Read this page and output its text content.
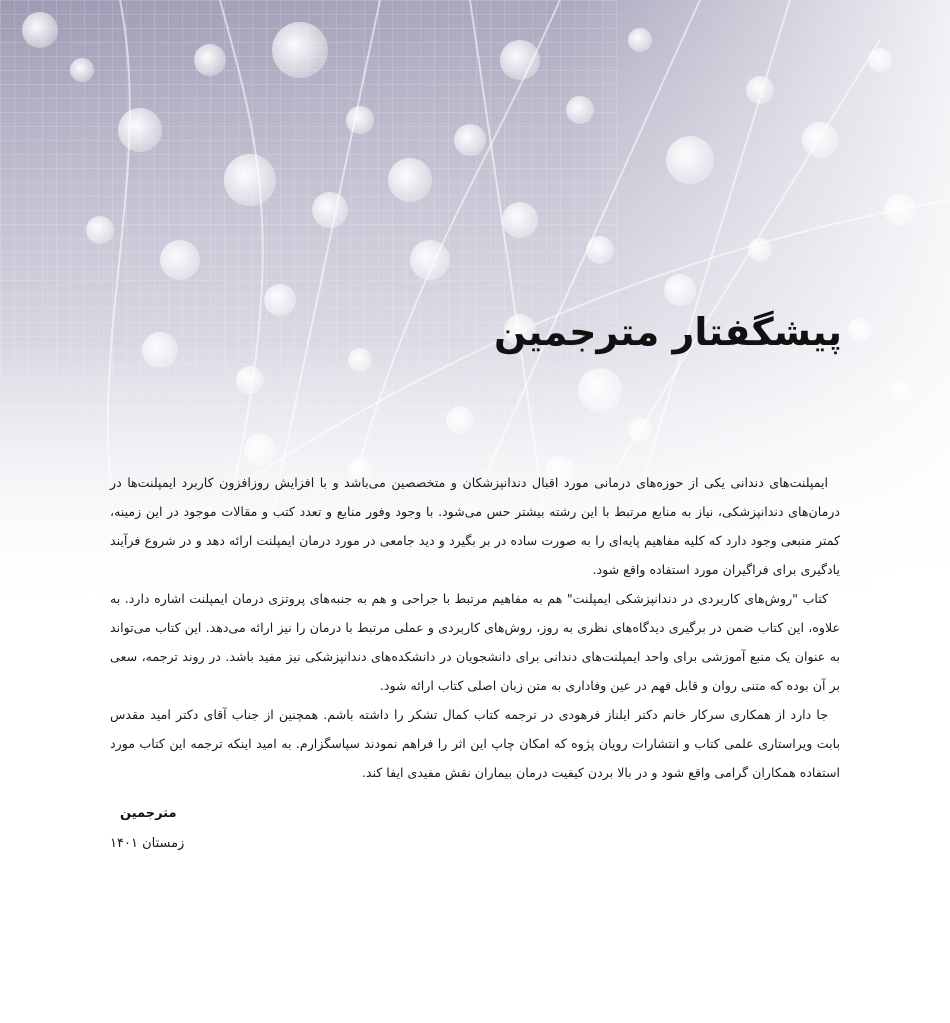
پیشگفتار مترجمین

ایمپلنت‌های دندانی یکی از حوزه‌های درمانی مورد اقبال دندانپزشکان و متخصصین می‌باشد و با افزایش روزافزون کاربرد ایمپلنت‌ها در درمان‌های دندانپزشکی، نیاز به منابع مرتبط با این رشته بیشتر حس می‌شود. با وجود وفور منابع و تعدد کتب و مقالات موجود در این زمینه، کمتر منبعی وجود دارد که کلیه مفاهیم پایه‌ای را به صورت ساده در بر بگیرد و دید جامعی در مورد درمان ایمپلنت ارائه دهد و در شروع فرآیند یادگیری برای فراگیران مورد استفاده واقع شود.

کتاب "روش‌های کاربردی در دندانپزشکی ایمپلنت" هم به مفاهیم مرتبط با جراحی و هم به جنبه‌های پروتزی درمان ایمپلنت اشاره دارد. به علاوه، این کتاب ضمن در برگیری دیدگاه‌های نظری به روز، روش‌های کاربردی و عملی مرتبط با درمان را نیز ارائه می‌دهد. این کتاب می‌تواند به عنوان یک منبع آموزشی برای واحد ایمپلنت‌های دندانی برای دانشجویان در دانشکده‌های دندانپزشکی نیز مفید باشد. در روند ترجمه، سعی بر آن بوده که متنی روان و قابل فهم در عین وفاداری به متن زبان اصلی کتاب ارائه شود.

جا دارد از همکاری سرکار خانم دکتر ایلناز فرهودی در ترجمه کتاب کمال تشکر را داشته باشم. همچنین از جناب آقای دکتر امید مقدس بابت ویراستاری علمی کتاب و انتشارات رویان پژوه که امکان چاپ این اثر را فراهم نمودند سپاسگزارم. به امید اینکه ترجمه این کتاب مورد استفاده همکاران گرامی واقع شود و در بالا بردن کیفیت درمان بیماران نقش مفیدی ایفا کند.

مترجمین
زمستان ۱۴۰۱
